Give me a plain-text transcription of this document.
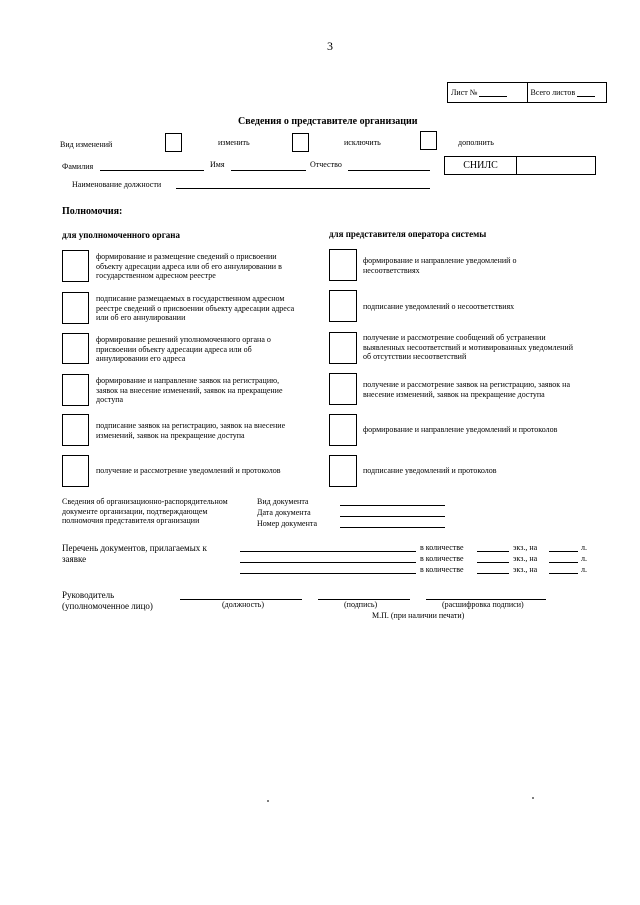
3
Лист №	Всего листов
Сведения о представителе организации
Вид изменений	изменить	исключить	дополнить
Фамилия	Имя	Отчество	СНИЛС
Наименование должности
Полномочия:
для уполномоченного органа	для представителя оператора системы
формирование и размещение сведений о присвоении объекту адресации адреса или об его аннулировании в государственном адресном реестре
подписание размещаемых в государственном адресном реестре сведений о присвоении объекту адресации адреса или об его аннулировании
формирование решений уполномоченного органа о присвоении объекту адресации адреса или об аннулировании его адреса
формирование и направление заявок на регистрацию, заявок на внесение изменений, заявок на прекращение доступа
подписание заявок на регистрацию, заявок на внесение изменений, заявок на прекращение доступа
получение и рассмотрение уведомлений и протоколов
формирование и направление уведомлений о несоответствиях
подписание уведомлений о несоответствиях
получение и рассмотрение сообщений об устранении выявленных несоответствий и мотивированных уведомлений об отсутствии несоответствий
получение и рассмотрение заявок на регистрацию, заявок на внесение изменений, заявок на прекращение доступа
формирование и направление уведомлений и протоколов
подписание уведомлений и протоколов
Сведения об организационно-распорядительном документе организации, подтверждающем полномочия представителя организации
Вид документа
Дата документа
Номер документа
Перечень документов, прилагаемых к заявке
в количестве	экз., на	л.
в количестве	экз., на	л.
в количестве	экз., на	л.
Руководитель
(уполномоченное лицо)	(должность)	(подпись)	(расшифровка подписи)
М.П. (при наличии печати)
